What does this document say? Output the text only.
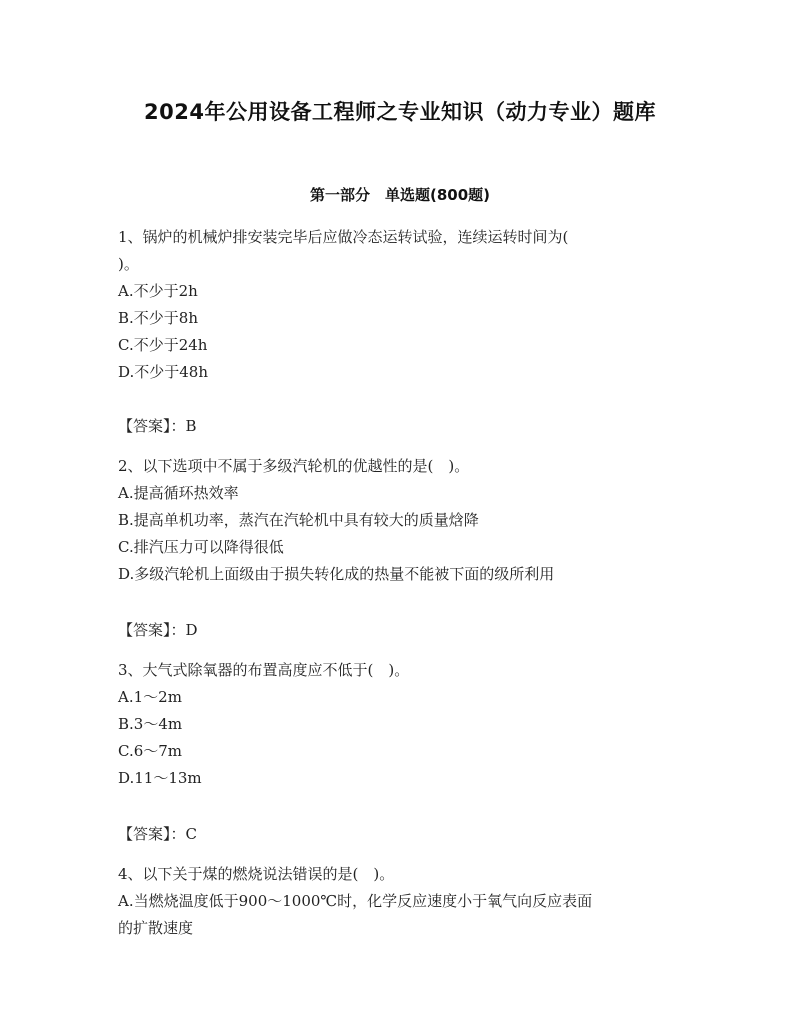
2024年公用设备工程师之专业知识（动力专业）题库
第一部分　单选题(800题)
1、锅炉的机械炉排安装完毕后应做冷态运转试验，连续运转时间为(
)。
A.不少于2h
B.不少于8h
C.不少于24h
D.不少于48h
【答案】：B
2、以下选项中不属于多级汽轮机的优越性的是(　)。
A.提高循环热效率
B.提高单机功率，蒸汽在汽轮机中具有较大的质量焓降
C.排汽压力可以降得很低
D.多级汽轮机上面级由于损失转化成的热量不能被下面的级所利用
【答案】：D
3、大气式除氧器的布置高度应不低于(　)。
A.1～2m
B.3～4m
C.6～7m
D.11～13m
【答案】：C
4、以下关于煤的燃烧说法错误的是(　)。
A.当燃烧温度低于900～1000℃时，化学反应速度小于氧气向反应表面
的扩散速度
